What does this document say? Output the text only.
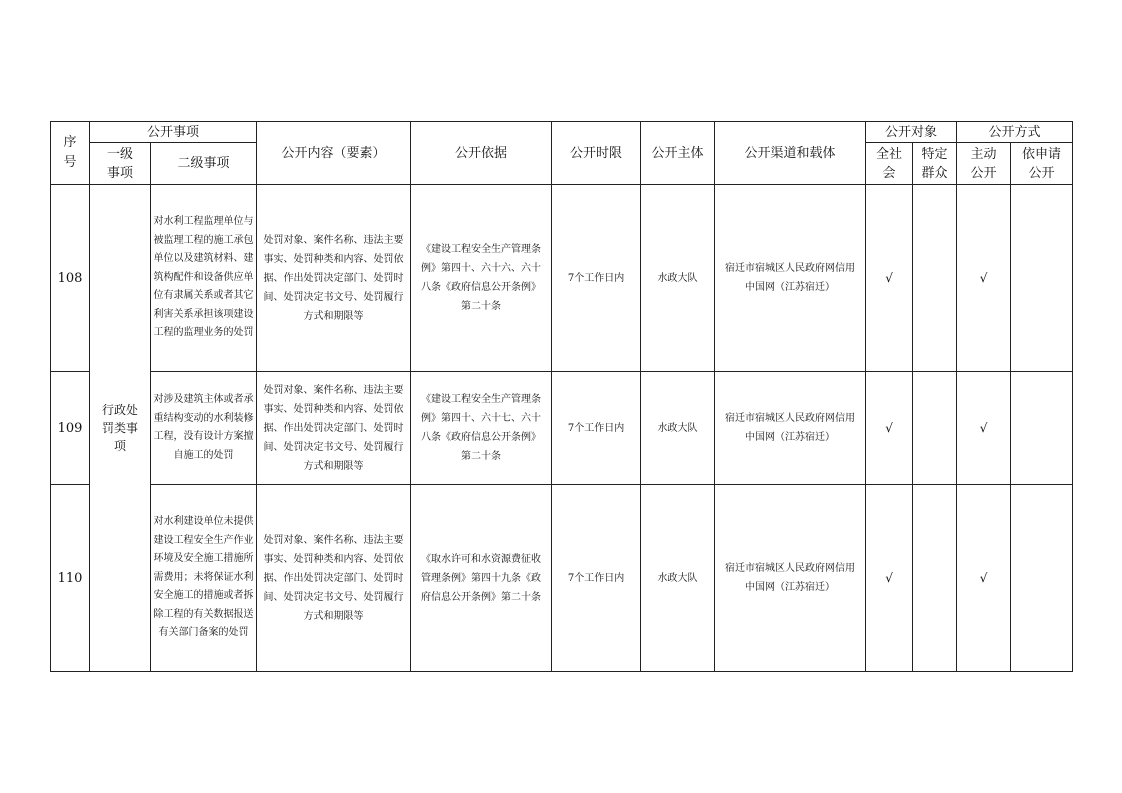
序号	公开事项		公开内容（要素）	公开依据	公开时限	公开主体	公开渠道和载体	公开对象		公开方式	
	一级事项	二级事项						全社会	特定群众	主动公开	依申请公开
108	行政处罚类事项	对水利工程监理单位与被监理工程的施工承包单位以及建筑材料、建筑构配件和设备供应单位有隶属关系或者其它利害关系承担该项建设工程的监理业务的处罚	处罚对象、案件名称、违法主要事实、处罚种类和内容、处罚依据、作出处罚决定部门、处罚时间、处罚决定书文号、处罚履行方式和期限等	《建设工程安全生产管理条例》第四十、六十六、六十八条《政府信息公开条例》第二十条	7个工作日内	水政大队	宿迁市宿城区人民政府网信用中国网（江苏宿迁）	√		√	
109		对涉及建筑主体或者承重结构变动的水利装修工程，没有设计方案擅自施工的处罚	处罚对象、案件名称、违法主要事实、处罚种类和内容、处罚依据、作出处罚决定部门、处罚时间、处罚决定书文号、处罚履行方式和期限等	《建设工程安全生产管理条例》第四十、六十七、六十八条《政府信息公开条例》第二十条	7个工作日内	水政大队	宿迁市宿城区人民政府网信用中国网（江苏宿迁）	√		√	
110		对水利建设单位未提供建设工程安全生产作业环境及安全施工措施所需费用；未将保证水利安全施工的措施或者拆除工程的有关数据报送有关部门备案的处罚	处罚对象、案件名称、违法主要事实、处罚种类和内容、处罚依据、作出处罚决定部门、处罚时间、处罚决定书文号、处罚履行方式和期限等	《取水许可和水资源费征收管理条例》第四十九条《政府信息公开条例》第二十条	7个工作日内	水政大队	宿迁市宿城区人民政府网信用中国网（江苏宿迁）	√		√	
